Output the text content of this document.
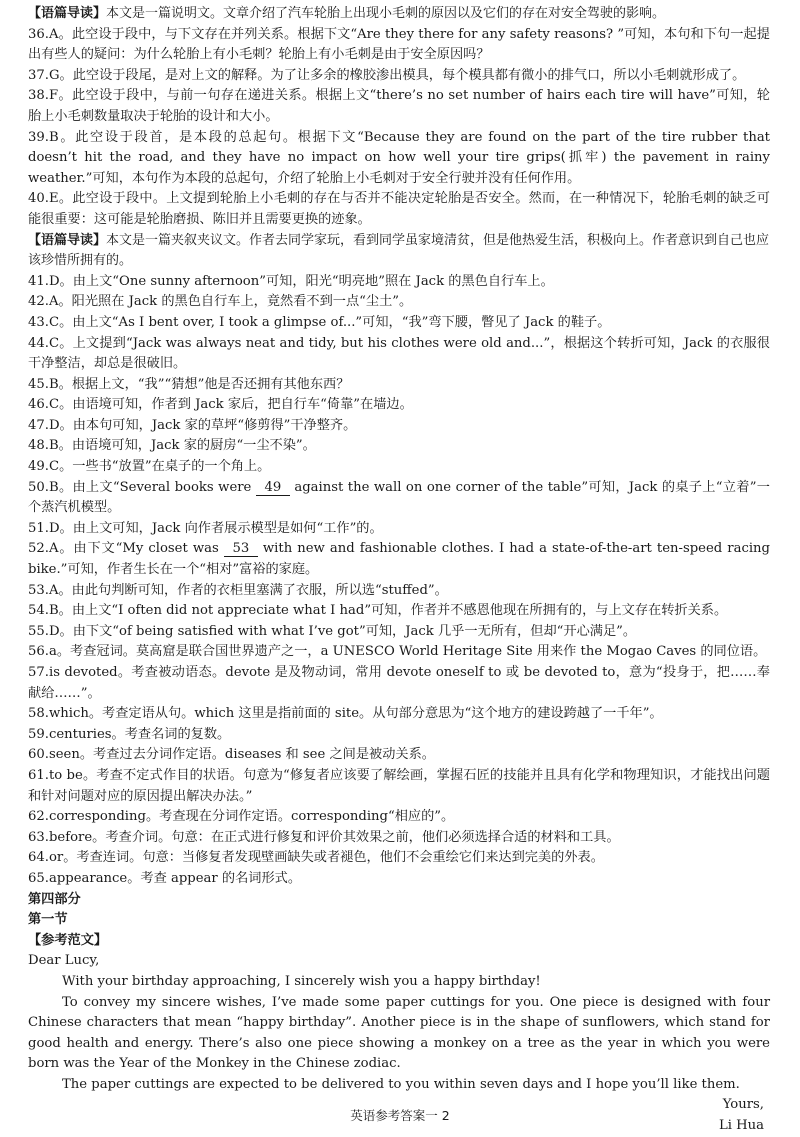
【语篇导读】本文是一篇说明文。文章介绍了汽车轮胎上出现小毛刺的原因以及它们的存在对安全驾驶的影响。

36.A。此空设于段中，与下文存在并列关系。根据下文“Are they there for any safety reasons? ”可知，本句和下句一起提出有些人的疑问：为什么轮胎上有小毛刺？轮胎上有小毛刺是由于安全原因吗？

37.G。此空设于段尾，是对上文的解释。为了让多余的橡胶渗出模具，每个模具都有微小的排气口，所以小毛刺就形成了。

38.F。此空设于段中，与前一句存在递进关系。根据上文“there’s no set number of hairs each tire will have”可知，轮胎上小毛刺数量取决于轮胎的设计和大小。

39.B。此空设于段首，是本段的总起句。根据下文“Because they are found on the part of the tire rubber that doesn’t hit the road, and they have no impact on how well your tire grips(抓牢) the pavement in rainy weather.”可知，本句作为本段的总起句，介绍了轮胎上小毛刺对于安全行驶并没有任何作用。

40.E。此空设于段中。上文提到轮胎上小毛刺的存在与否并不能决定轮胎是否安全。然而，在一种情况下，轮胎毛刺的缺乏可能很重要：这可能是轮胎磨损、陈旧并且需要更换的迹象。

【语篇导读】本文是一篇夹叙夹议文。作者去同学家玩，看到同学虽家境清贫，但是他热爱生活，积极向上。作者意识到自己也应该珍惜所拥有的。

41.D。由上文“One sunny afternoon”可知，阳光“明亮地”照在 Jack 的黑色自行车上。

42.A。阳光照在 Jack 的黑色自行车上，竟然看不到一点“尘土”。

43.C。由上文“As I bent over, I took a glimpse of...”可知，“我”弯下腰，瞥见了 Jack 的鞋子。

44.C。上文提到“Jack was always neat and tidy, but his clothes were old and...”，根据这个转折可知，Jack 的衣服很干净整洁，却总是很破旧。

45.B。根据上文，“我”“猜想”他是否还拥有其他东西？

46.C。由语境可知，作者到 Jack 家后，把自行车“倚靠”在墙边。

47.D。由本句可知，Jack 家的草坪“修剪得”干净整齐。

48.B。由语境可知，Jack 家的厨房“一尘不染”。

49.C。一些书“放置”在桌子的一个角上。

50.B。由上文“Several books were 49 against the wall on one corner of the table”可知，Jack 的桌子上“立着”一个蒸汽机模型。

51.D。由上文可知，Jack 向作者展示模型是如何“工作”的。

52.A。由下文“My closet was 53 with new and fashionable clothes. I had a state-of-the-art ten-speed racing bike.”可知，作者生长在一个“相对”富裕的家庭。

53.A。由此句判断可知，作者的衣柜里塞满了衣服，所以选“stuffed”。

54.B。由上文“I often did not appreciate what I had”可知，作者并不感恩他现在所拥有的，与上文存在转折关系。

55.D。由下文“of being satisfied with what I’ve got”可知，Jack 几乎一无所有，但却“开心满足”。

56.a。考查冠词。莫高窟是联合国世界遗产之一，a UNESCO World Heritage Site 用来作 the Mogao Caves 的同位语。

57.is devoted。考查被动语态。devote 是及物动词，常用 devote oneself to 或 be devoted to，意为“投身于，把……奉献给……”。

58.which。考查定语从句。which 这里是指前面的 site。从句部分意思为“这个地方的建设跨越了一千年”。

59.centuries。考查名词的复数。

60.seen。考查过去分词作定语。diseases 和 see 之间是被动关系。

61.to be。考查不定式作目的状语。句意为“修复者应该要了解绘画，掌握石匠的技能并且具有化学和物理知识，才能找出问题和针对问题对应的原因提出解决办法。”

62.corresponding。考查现在分词作定语。corresponding“相应的”。

63.before。考查介词。句意：在正式进行修复和评价其效果之前，他们必须选择合适的材料和工具。

64.or。考查连词。句意：当修复者发现壁画缺失或者褪色，他们不会重绘它们来达到完美的外表。

65.appearance。考查 appear 的名词形式。

第四部分

第一节

【参考范文】

Dear Lucy,

With your birthday approaching, I sincerely wish you a happy birthday!

To convey my sincere wishes, I’ve made some paper cuttings for you. One piece is designed with four Chinese characters that mean “happy birthday”. Another piece is in the shape of sunflowers, which stand for good health and energy. There’s also one piece showing a monkey on a tree as the year in which you were born was the Year of the Monkey in the Chinese zodiac.

The paper cuttings are expected to be delivered to you within seven days and I hope you’ll like them.

Yours,

Li Hua

英语参考答案一 2
